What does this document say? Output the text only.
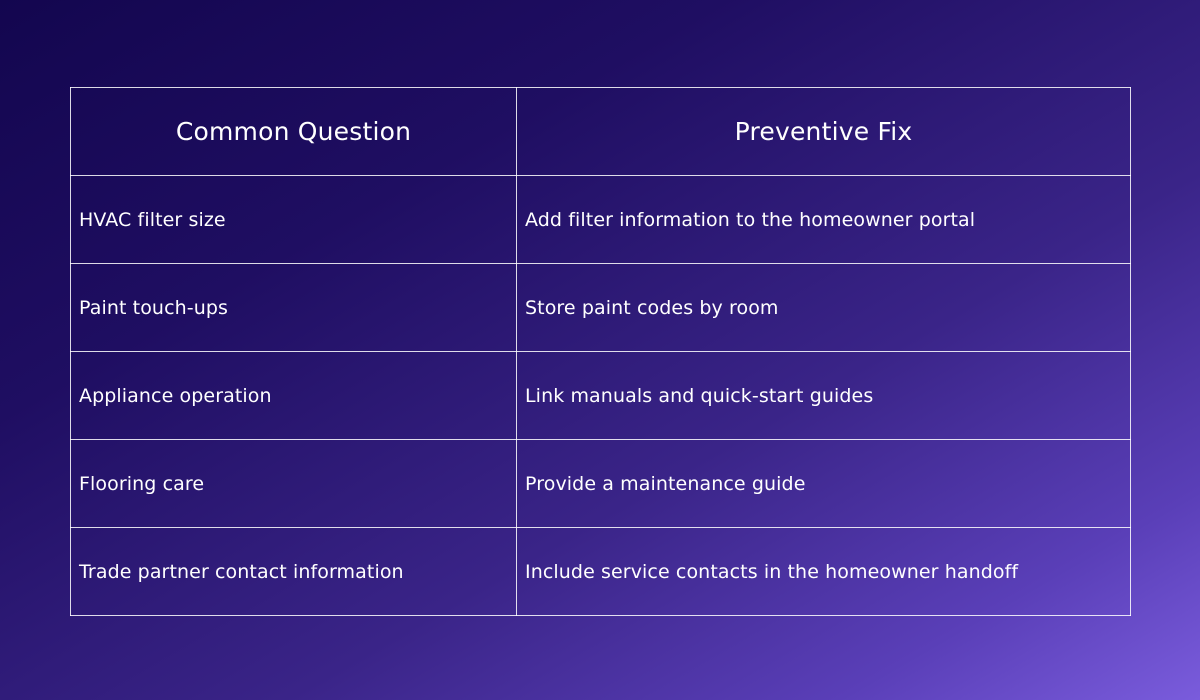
Common Question	Preventive Fix
HVAC filter size	Add filter information to the homeowner portal
Paint touch-ups	Store paint codes by room
Appliance operation	Link manuals and quick-start guides
Flooring care	Provide a maintenance guide
Trade partner contact information	Include service contacts in the homeowner handoff
